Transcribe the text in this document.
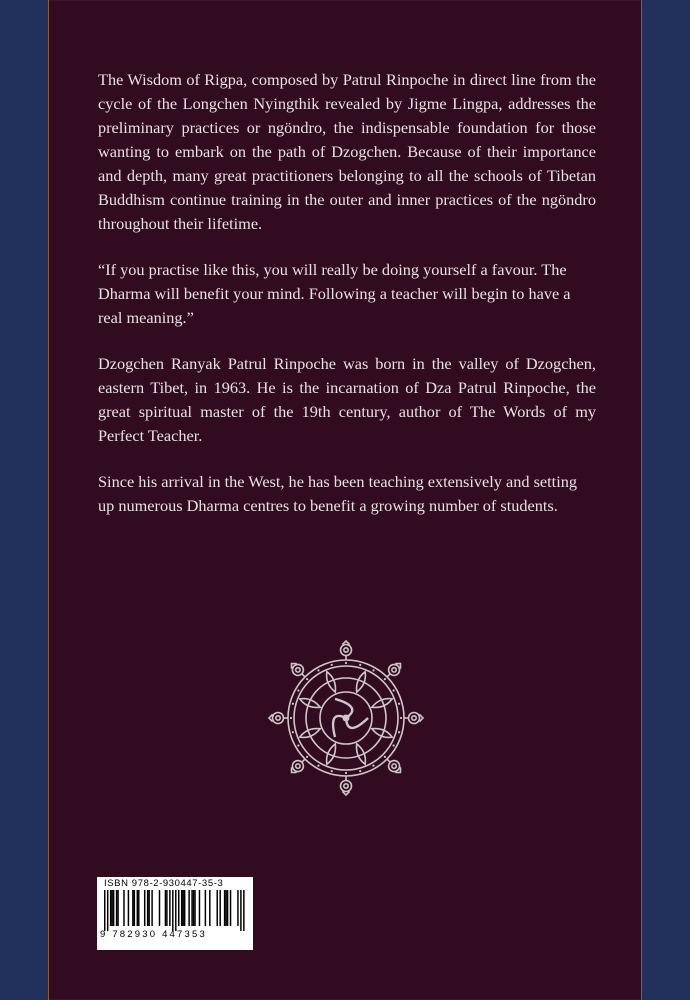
The Wisdom of Rigpa, composed by Patrul Rinpoche in direct line from the cycle of the Longchen Nyingthik revealed by Jigme Lingpa, addresses the preliminary practices or ngöndro, the indispensable foundation for those wanting to embark on the path of Dzogchen. Because of their importance and depth, many great practitioners belonging to all the schools of Tibetan Buddhism continue training in the outer and inner practices of the ngöndro throughout their lifetime.

“If you practise like this, you will really be doing yourself a favour. The Dharma will benefit your mind. Following a teacher will begin to have a real meaning.”

Dzogchen Ranyak Patrul Rinpoche was born in the valley of Dzogchen, eastern Tibet, in 1963. He is the incarnation of Dza Patrul Rinpoche, the great spiritual master of the 19th century, author of The Words of my Perfect Teacher.

Since his arrival in the West, he has been teaching extensively and setting up numerous Dharma centres to benefit a growing number of students.

ISBN 978-2-930447-35-3
9 782930 447353
